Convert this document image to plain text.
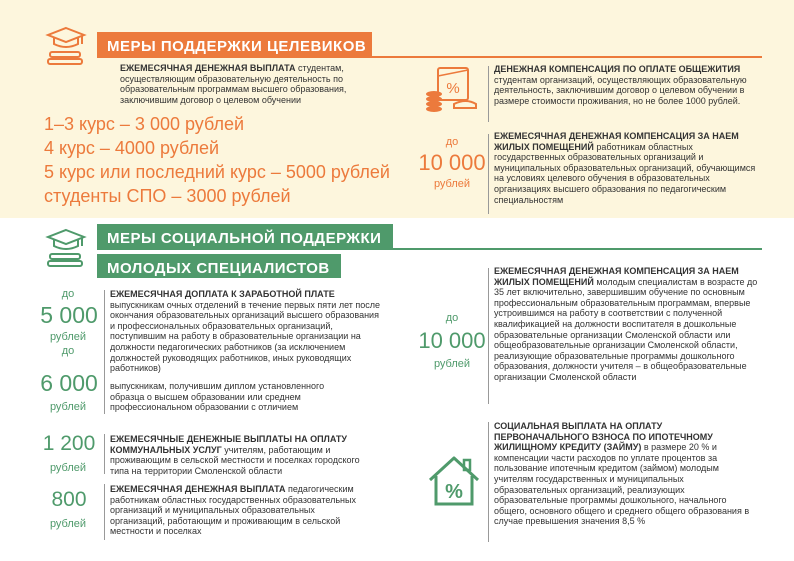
МЕРЫ ПОДДЕРЖКИ ЦЕЛЕВИКОВ
ЕЖЕМЕСЯЧНАЯ ДЕНЕЖНАЯ ВЫПЛАТА студентам, осуществляющим образовательную деятельность по образовательным программам высшего образования, заключившим договор о целевом обучении
1–3 курс – 3 000 рублей
4 курс – 4000 рублей
5 курс или последний курс – 5000 рублей
студенты СПО – 3000 рублей
%
ДЕНЕЖНАЯ КОМПЕНСАЦИЯ ПО ОПЛАТЕ ОБЩЕЖИТИЯ
студентам организаций, осуществляющих образовательную деятельность, заключившим договор о целевом обучении в размере стоимости проживания, но не более 1000 рублей.
до
10 000
рублей
ЕЖЕМЕСЯЧНАЯ ДЕНЕЖНАЯ КОМПЕНСАЦИЯ ЗА НАЕМ ЖИЛЫХ ПОМЕЩЕНИЙ работникам областных государственных образовательных организаций и муниципальных образовательных организаций, обучающимся на условиях целевого обучения в образовательных организациях высшего образования по педагогическим специальностям
МЕРЫ СОЦИАЛЬНОЙ ПОДДЕРЖКИ
МОЛОДЫХ СПЕЦИАЛИСТОВ
до
5 000
рублей
до
6 000
рублей
ЕЖЕМЕСЯЧНАЯ ДОПЛАТА К ЗАРАБОТНОЙ ПЛАТЕ
выпускникам очных отделений в течение первых пяти лет после окончания образовательных организаций высшего образования и профессиональных образовательных организаций, поступившим на работу в образовательные организации на должности педагогических работников (за исключением должностей руководящих работников, иных руководящих работников)
выпускникам, получившим диплом установленного образца о высшем образовании или среднем профессиональном образовании с отличием
1 200
рублей
ЕЖЕМЕСЯЧНЫЕ ДЕНЕЖНЫЕ ВЫПЛАТЫ НА ОПЛАТУ КОММУНАЛЬНЫХ УСЛУГ учителям, работающим и проживающим в сельской местности и поселках городского типа на территории Смоленской области
800
рублей
ЕЖЕМЕСЯЧНАЯ ДЕНЕЖНАЯ ВЫПЛАТА педагогическим работникам областных государственных образовательных организаций и муниципальных образовательных организаций, работающим и проживающим в сельской местности и поселках
до
10 000
рублей
ЕЖЕМЕСЯЧНАЯ ДЕНЕЖНАЯ КОМПЕНСАЦИЯ ЗА НАЕМ ЖИЛЫХ ПОМЕЩЕНИЙ молодым специалистам в возрасте до 35 лет включительно, завершившим обучение по основным профессиональным образовательным программам, впервые устроившимся на работу в соответствии с полученной квалификацией на должности воспитателя в дошкольные образовательные организации Смоленской области или общеобразовательные организации Смоленской области, реализующие образовательные программы дошкольного образования, должности учителя – в общеобразовательные организации Смоленской области
%
СОЦИАЛЬНАЯ ВЫПЛАТА НА ОПЛАТУ ПЕРВОНАЧАЛЬНОГО ВЗНОСА ПО ИПОТЕЧНОМУ ЖИЛИЩНОМУ КРЕДИТУ (ЗАЙМУ) в размере 20 % и компенсации части расходов по уплате процентов за пользование ипотечным кредитом (займом) молодым учителям государственных и муниципальных образовательных организаций, реализующих образовательные программы дошкольного, начального общего, основного общего и среднего общего образования в случае превышения значения 8,5 %
